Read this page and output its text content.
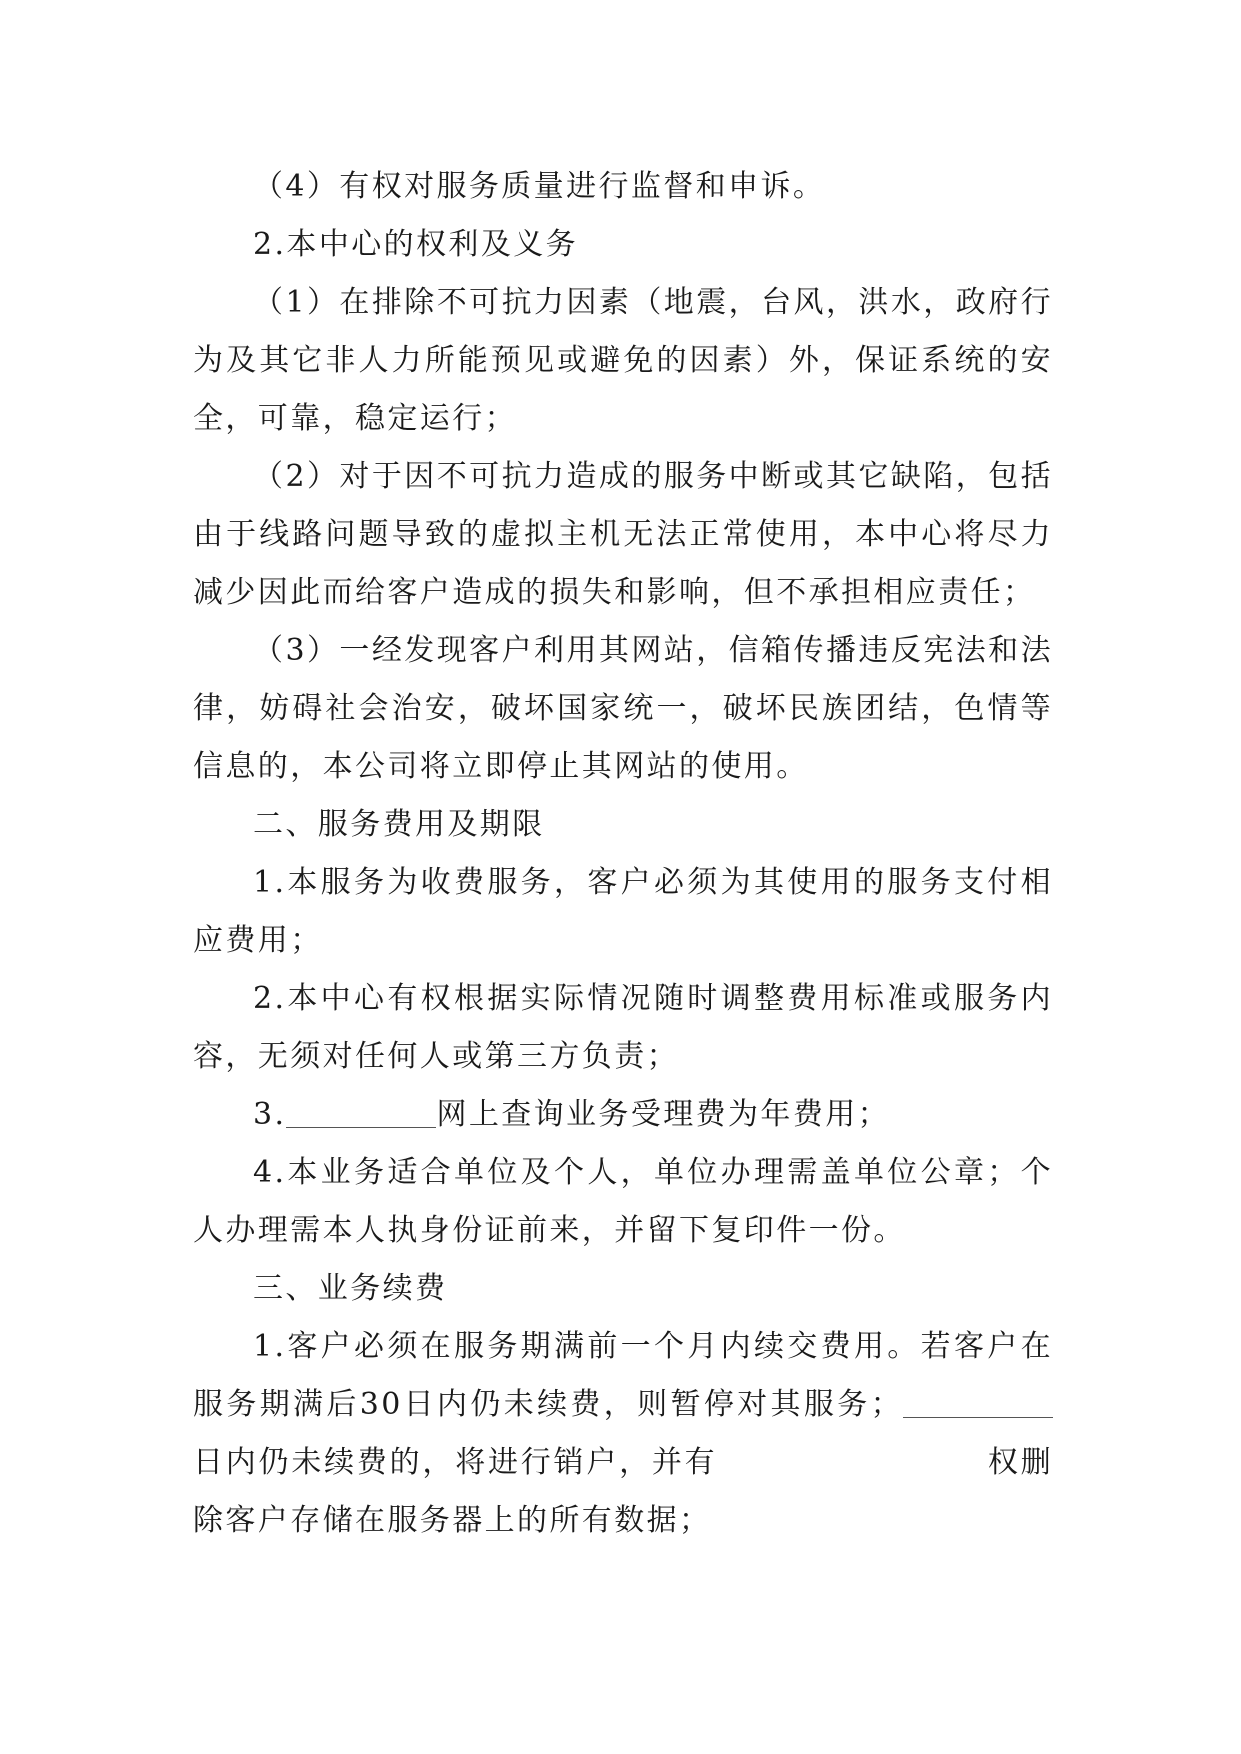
（4）有权对服务质量进行监督和申诉。

2.本中心的权利及义务

（1）在排除不可抗力因素（地震，台风，洪水，政府行为及其它非人力所能预见或避免的因素）外，保证系统的安全，可靠，稳定运行；

（2）对于因不可抗力造成的服务中断或其它缺陷，包括由于线路问题导致的虚拟主机无法正常使用，本中心将尽力减少因此而给客户造成的损失和影响，但不承担相应责任；

（3）一经发现客户利用其网站，信箱传播违反宪法和法律，妨碍社会治安，破坏国家统一，破坏民族团结，色情等信息的，本公司将立即停止其网站的使用。

二、服务费用及期限

1.本服务为收费服务，客户必须为其使用的服务支付相应费用；

2.本中心有权根据实际情况随时调整费用标准或服务内容，无须对任何人或第三方负责；

3.	网上查询业务受理费为年费用；

4.本业务适合单位及个人，单位办理需盖单位公章；个人办理需本人执身份证前来，并留下复印件一份。

三、业务续费

1.客户必须在服务期满前一个月内续交费用。若客户在服务期满后30日内仍未续费，则暂停对其服务；日内仍未续费的，将进行销户，并有	权删除客户存储在服务器上的所有数据；
